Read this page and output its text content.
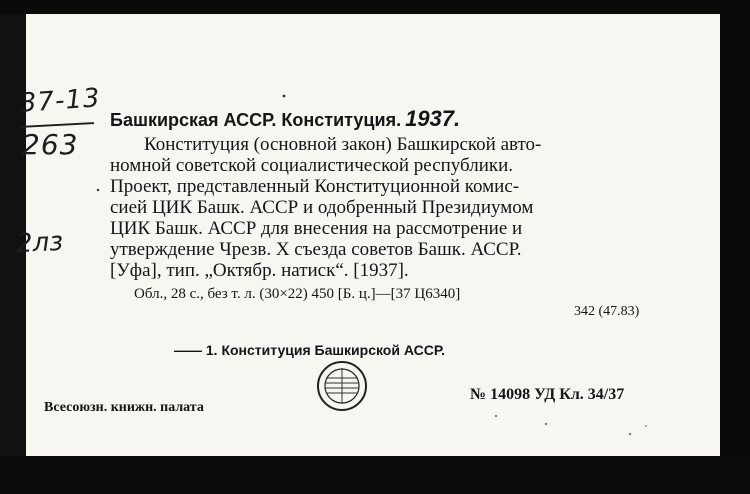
37-13
263
2лз
Башкирская АССР. Конституция. 1937.
Конституция (основной закон) Башкирской авто-
номной советской социалистической республики.
Проект, представленный Конституционной комис-
сией ЦИК Башк. АССР и одобренный Президиумом
ЦИК Башк. АССР для внесения на рассмотрение и
утверждение Чрезв. X съезда советов Башк. АССР.
[Уфа], тип. „Октябр. натиск“. [1937].
Обл., 28 с., без т. л. (30×22) 450 [Б. ц.]—[37 Ц6340]
342 (47.83)
—— 1. Конституция Башкирской АССР.
Всесоюзн. книжн. палата
№ 14098 УД Кл. 34/37
